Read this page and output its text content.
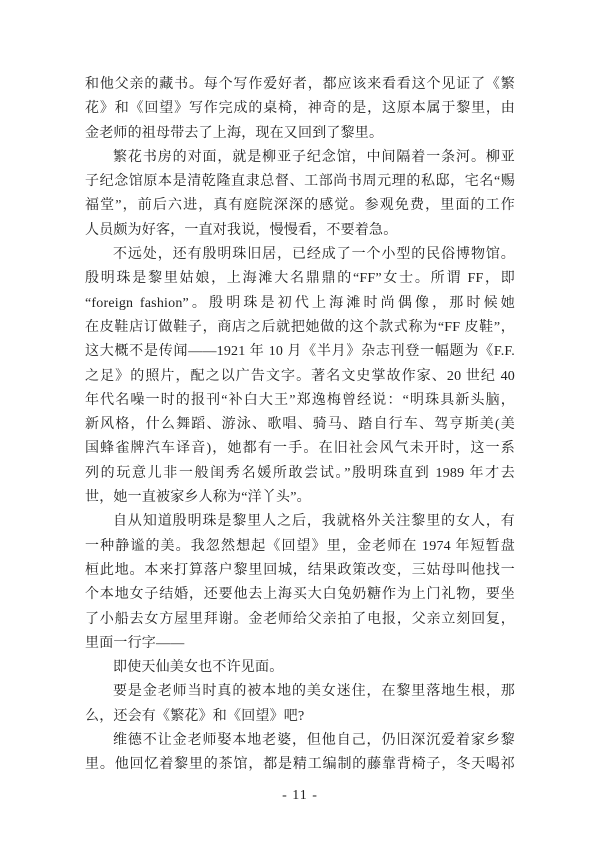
和他父亲的藏书。每个写作爱好者，都应该来看看这个见证了《繁
花》和《回望》写作完成的桌椅，神奇的是，这原本属于黎里，由
金老师的祖母带去了上海，现在又回到了黎里。
繁花书房的对面，就是柳亚子纪念馆，中间隔着一条河。柳亚
子纪念馆原本是清乾隆直隶总督、工部尚书周元理的私邸，宅名“赐
福堂”，前后六进，真有庭院深深的感觉。参观免费，里面的工作
人员颇为好客，一直对我说，慢慢看，不要着急。
不远处，还有殷明珠旧居，已经成了一个小型的民俗博物馆。
殷明珠是黎里姑娘，上海滩大名鼎鼎的“FF”女士。所谓 FF，即
“foreign fashion”。殷明珠是初代上海滩时尚偶像，那时候她
在皮鞋店订做鞋子，商店之后就把她做的这个款式称为“FF 皮鞋”，
这大概不是传闻——1921 年 10 月《半月》杂志刊登一幅题为《F.F.
之足》的照片，配之以广告文字。著名文史掌故作家、20 世纪 40
年代名噪一时的报刊“补白大王”郑逸梅曾经说：“明珠具新头脑，
新风格，什么舞蹈、游泳、歌唱、骑马、踏自行车、驾亨斯美(美
国蜂雀牌汽车译音)，她都有一手。在旧社会风气未开时，这一系
列的玩意儿非一般闺秀名媛所敢尝试。”殷明珠直到 1989 年才去
世，她一直被家乡人称为“洋丫头”。
自从知道殷明珠是黎里人之后，我就格外关注黎里的女人，有
一种静谧的美。我忽然想起《回望》里，金老师在 1974 年短暂盘
桓此地。本来打算落户黎里回城，结果政策改变，三姑母叫他找一
个本地女子结婚，还要他去上海买大白兔奶糖作为上门礼物，要坐
了小船去女方屋里拜谢。金老师给父亲拍了电报，父亲立刻回复，
里面一行字——
即使天仙美女也不许见面。
要是金老师当时真的被本地的美女迷住，在黎里落地生根，那
么，还会有《繁花》和《回望》吧?
维德不让金老师娶本地老婆，但他自己，仍旧深沉爱着家乡黎
里。他回忆着黎里的茶馆，都是精工编制的藤靠背椅子，冬天喝祁
- 11 -
